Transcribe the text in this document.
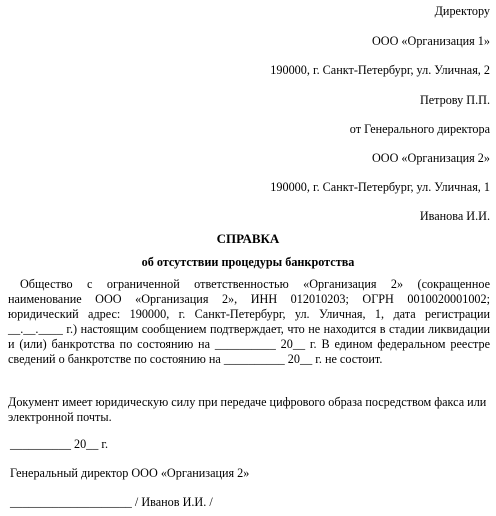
Директору
ООО «Организация 1»
190000, г. Санкт-Петербург, ул. Уличная, 2
Петрову П.П.
от Генерального директора
ООО «Организация 2»
190000, г. Санкт-Петербург, ул. Уличная, 1
Иванова И.И.
СПРАВКА
об отсутствии процедуры банкротства
Общество с ограниченной ответственностью «Организация 2» (сокращенное наименование ООО «Организация 2», ИНН 012010203; ОГРН 0010020001002; юридический адрес: 190000, г. Санкт-Петербург, ул. Уличная, 1, дата регистрации __.__.____ г.) настоящим сообщением подтверждает, что не находится в стадии ликвидации и (или) банкротства по состоянию на __________ 20__ г. В едином федеральном реестре сведений о банкротстве по состоянию на __________ 20__ г. не состоит.
Документ имеет юридическую силу при передаче цифрового образа посредством факса или электронной почты.
__________ 20__ г.
Генеральный директор ООО «Организация 2»
____________________ / Иванов И.И. /
